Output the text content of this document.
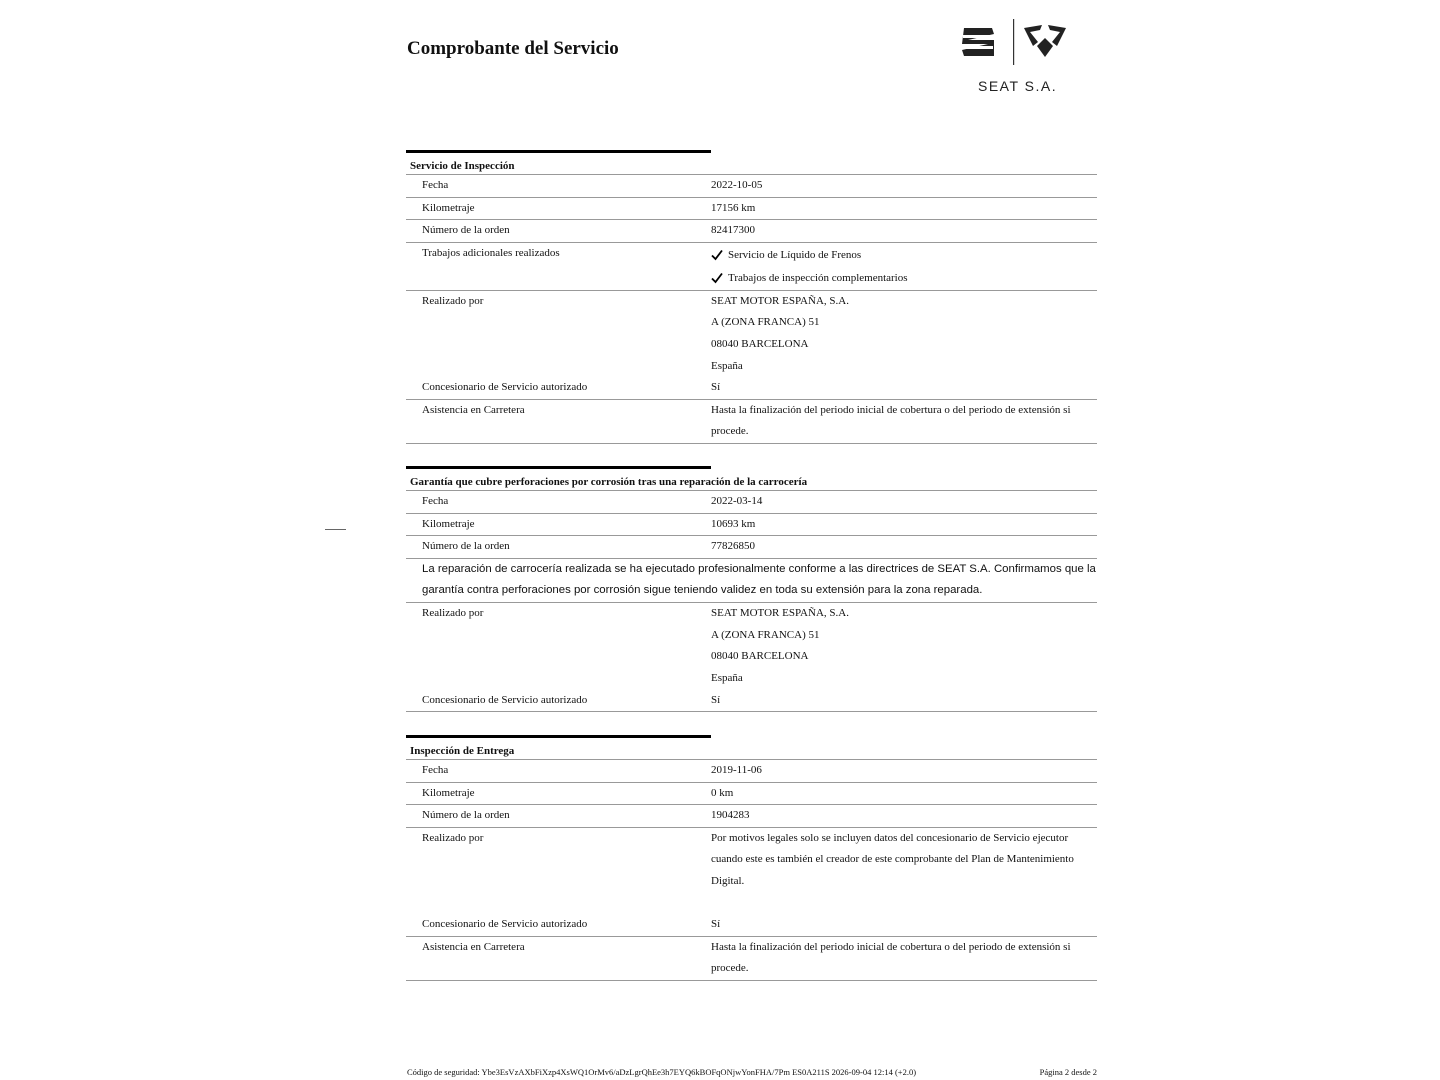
Comprobante del Servicio
SEAT S.A.
Servicio de Inspección
Fecha	2022-10-05
Kilometraje	17156 km
Número de la orden	82417300
Trabajos adicionales realizados	Servicio de Líquido de Frenos
Trabajos de inspección complementarios
Realizado por	SEAT MOTOR ESPAÑA, S.A.
A (ZONA FRANCA) 51
08040 BARCELONA
España
Concesionario de Servicio autorizado	Sí
Asistencia en Carretera	Hasta la finalización del periodo inicial de cobertura o del periodo de extensión si procede.
Garantía que cubre perforaciones por corrosión tras una reparación de la carrocería
Fecha	2022-03-14
Kilometraje	10693 km
Número de la orden	77826850
La reparación de carrocería realizada se ha ejecutado profesionalmente conforme a las directrices de SEAT S.A. Confirmamos que la garantía contra perforaciones por corrosión sigue teniendo validez en toda su extensión para la zona reparada.
Realizado por	SEAT MOTOR ESPAÑA, S.A.
A (ZONA FRANCA) 51
08040 BARCELONA
España
Concesionario de Servicio autorizado	Sí
Inspección de Entrega
Fecha	2019-11-06
Kilometraje	0 km
Número de la orden	1904283
Realizado por	Por motivos legales solo se incluyen datos del concesionario de Servicio ejecutor cuando este es también el creador de este comprobante del Plan de Mantenimiento Digital.
Concesionario de Servicio autorizado	Sí
Asistencia en Carretera	Hasta la finalización del periodo inicial de cobertura o del periodo de extensión si procede.
Código de seguridad: Ybe3EsVzAXbFiXzp4XsWQ1OrMv6/aDzLgrQhEe3h7EYQ6kBOFqONjwYonFHA/7Pm ES0A211S 2026-09-04 12:14 (+2.0)	Página 2 desde 2
